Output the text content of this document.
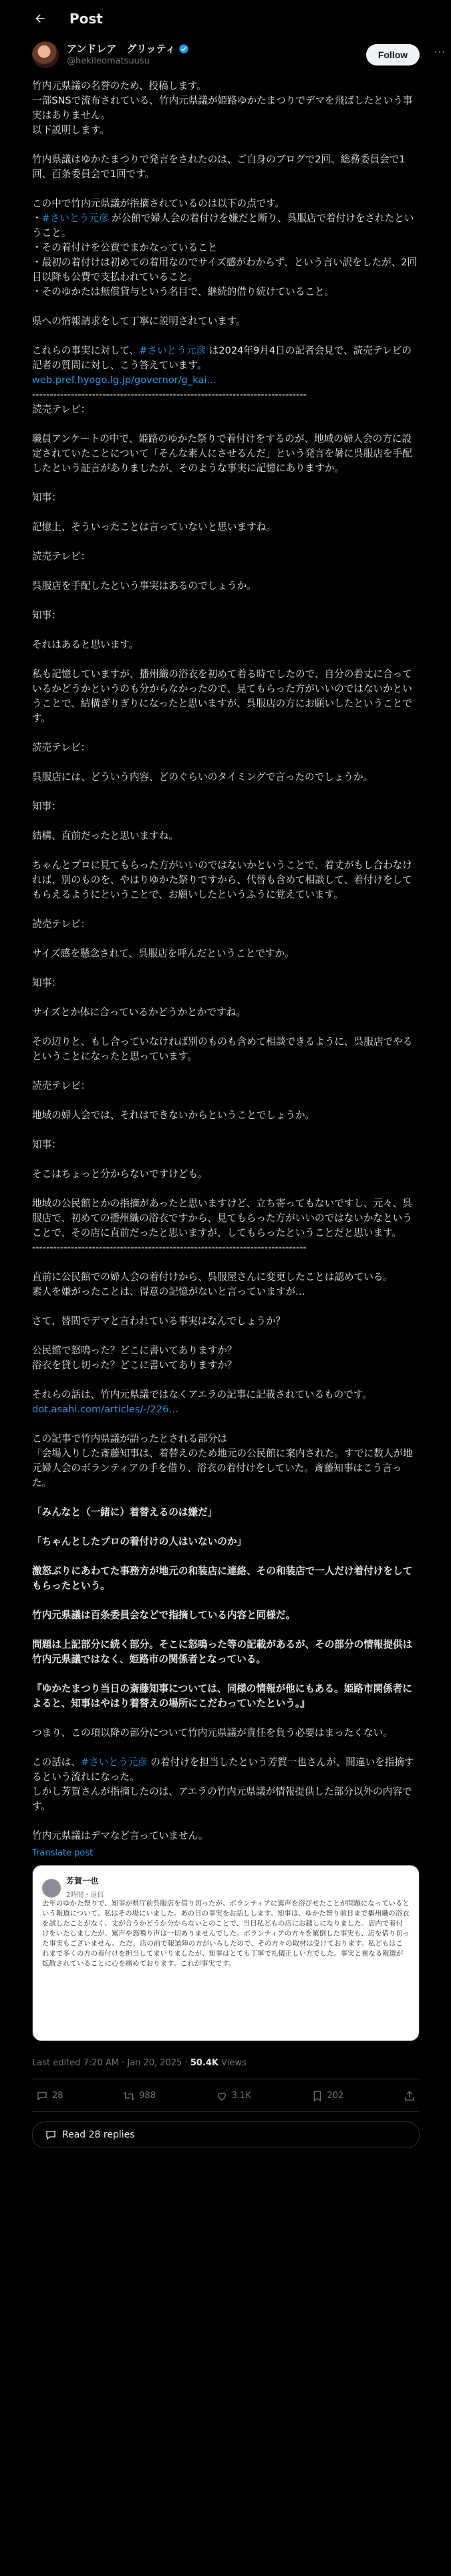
Post
アンドレア　グリッティ
@hekileomatsuusu
Follow	···

竹内元県議の名誉のため、投稿します。
一部SNSで流布されている、竹内元県議が姫路ゆかたまつりでデマを飛ばしたという事実はありません。
以下説明します。

竹内県議はゆかたまつりで発言をされたのは、ご自身のブログで2回、総務委員会で1回、百条委員会で1回です。

この中で竹内元県議が指摘されているのは以下の点です。
・#さいとう元彦 が公館で婦人会の着付けを嫌だと断り、呉服店で着付けをされたということ。
・その着付けを公費でまかなっていること
・最初の着付けは初めての着用なのでサイズ感がわからず、という言い訳をしたが、2回目以降も公費で支払われていること。
・そのゆかたは無償貸与という名目で、継続的借り続けていること。

県への情報請求をして丁寧に説明されています。

これらの事実に対して、#さいとう元彦 は2024年9月4日の記者会見で、読売テレビの記者の質問に対し、こう答えています。
web.pref.hyogo.lg.jp/governor/g_kai…
------------------------------------------------------------------------------
読売テレビ：

職員アンケートの中で、姫路のゆかた祭りで着付けをするのが、地域の婦人会の方に設定されていたことについて「そんな素人にさせるんだ」という発言を暑に呉服店を手配したという証言がありましたが、そのような事実に記憶にありますか。

知事：

記憶上、そういったことは言っていないと思いますね。

読売テレビ：

呉服店を手配したという事実はあるのでしょうか。

知事：

それはあると思います。

私も記憶していますが、播州織の浴衣を初めて着る時でしたので、自分の着丈に合っているかどうかというのも分からなかったので、見てもらった方がいいのではないかということで、結構ぎりぎりになったと思いますが、呉服店の方にお願いしたということです。

読売テレビ：

呉服店には、どういう内容、どのぐらいのタイミングで言ったのでしょうか。

知事：

結構、直前だったと思いますね。

ちゃんとプロに見てもらった方がいいのではないかということで、着丈がもし合わなければ、別のものを、やはりゆかた祭りですから、代替も含めて相談して、着付けをしてもらえるようにということで、お願いしたというふうに覚えています。

読売テレビ：

サイズ感を懸念されて、呉服店を呼んだということですか。

知事：

サイズとか体に合っているかどうかとかですね。

その辺りと、もし合っていなければ別のものも含めて相談できるように、呉服店でやるということになったと思っています。

読売テレビ：

地域の婦人会では、それはできないからということでしょうか。

知事：

そこはちょっと分からないですけども。

地域の公民館とかの指摘があったと思いますけど、立ち寄ってもないですし、元々、呉服店で、初めての播州織の浴衣ですから、見てもらった方がいいのではないかなということで、その店に直前だったと思いますが、してもらったということだと思います。
------------------------------------------------------------------------------

直前に公民館での婦人会の着付けから、呉服屋さんに変更したことは認めている。
素人を嫌がったことは、得意の記憶がないと言っていますが…

さて、替間でデマと言われている事実はなんでしょうか？

公民館で怒鳴った？どこに書いてありますか？
浴衣を貸し切った？どこに書いてありますか？

それらの話は、竹内元県議ではなくアエラの記事に記載されているものです。
dot.asahi.com/articles/-/226…

この記事で竹内県議が語ったとされる部分は
「会場入りした斎藤知事は、着替えのため地元の公民館に案内された。すでに数人が地元婦人会のボランティアの手を借り、浴衣の着付けをしていた。斎藤知事はこう言った。

「みんなと（一緒に）着替えるのは嫌だ」

「ちゃんとしたプロの着付けの人はいないのか」

激怒ぶりにあわてた事務方が地元の和装店に連絡、その和装店で一人だけ着付けをしてもらったという。

竹内元県議は百条委員会などで指摘している内容と同様だ。

問題は上記部分に続く部分。そこに怒鳴った等の記載があるが、その部分の情報提供は竹内元県議ではなく、姫路市の関係者となっている。

『ゆかたまつり当日の斎藤知事については、同様の情報が他にもある。姫路市関係者によると、知事はやはり着替えの場所にこだわっていたという。』

つまり、この項以降の部分について竹内元県議が責任を負う必要はまったくない。

この話は、#さいとう元彦 の着付けを担当したという芳賀一也さんが、間違いを指摘するという流れになった。
しかし芳賀さんが指摘したのは、アエラの竹内元県議が情報提供した部分以外の内容です。

竹内元県議はデマなど言っていません。

Translate post
芳賀一也
2時間・返信
去年のゆかた祭りで、知事が県庁前呉服店を借り切ったが、ボランティアに罵声を浴びせたことが問題になっているという報道について、私はその場にいました。あの日の事実をお話しします。知事は、ゆかた祭り前日まで播州織の浴衣を試したことがなく、丈が合うかどうか分からないとのことで、当日私どもの店にお越しになりました。店内で着付けをいたしましたが、罵声や怒鳴り声は一切ありませんでした。ボランティアの方々を罵倒した事実も、店を借り切った事実もございません。ただ、店の前で報道陣の方がいらしたので、その方々の取材は受けております。私どもはこれまで多くの方の着付けを担当してまいりましたが、知事はとても丁寧で礼儀正しい方でした。事実と異なる報道が拡散されていることに心を痛めております。これが事実です。
Last edited 7:20 AM · Jan 20, 2025 · 50.4K Views
28	988	3.1K	202
Read 28 replies
